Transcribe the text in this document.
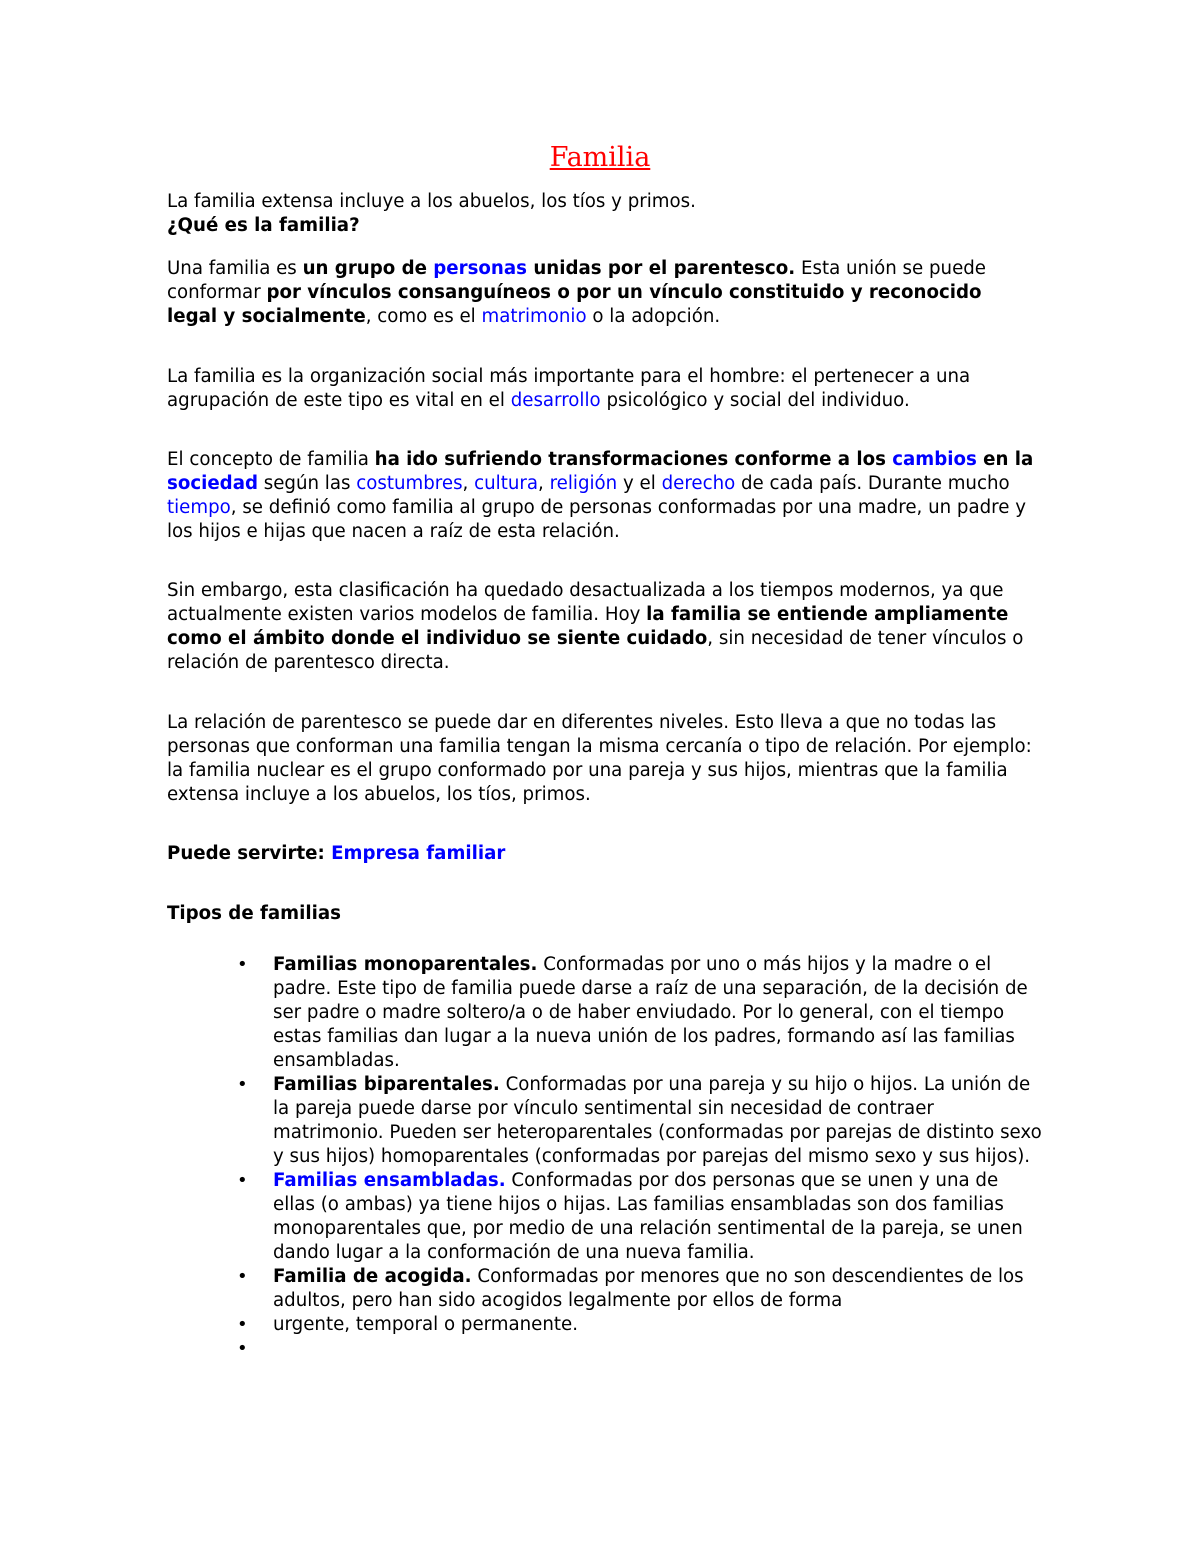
Familia

La familia extensa incluye a los abuelos, los tíos y primos.
¿Qué es la familia?

Una familia es un grupo de personas unidas por el parentesco. Esta unión se puede conformar por vínculos consanguíneos o por un vínculo constituido y reconocido legal y socialmente, como es el matrimonio o la adopción.

La familia es la organización social más importante para el hombre: el pertenecer a una agrupación de este tipo es vital en el desarrollo psicológico y social del individuo.

El concepto de familia ha ido sufriendo transformaciones conforme a los cambios en la sociedad según las costumbres, cultura, religión y el derecho de cada país. Durante mucho tiempo, se definió como familia al grupo de personas conformadas por una madre, un padre y los hijos e hijas que nacen a raíz de esta relación.

Sin embargo, esta clasificación ha quedado desactualizada a los tiempos modernos, ya que actualmente existen varios modelos de familia. Hoy la familia se entiende ampliamente como el ámbito donde el individuo se siente cuidado, sin necesidad de tener vínculos o relación de parentesco directa.

La relación de parentesco se puede dar en diferentes niveles. Esto lleva a que no todas las personas que conforman una familia tengan la misma cercanía o tipo de relación. Por ejemplo: la familia nuclear es el grupo conformado por una pareja y sus hijos, mientras que la familia extensa incluye a los abuelos, los tíos, primos.

Puede servirte: Empresa familiar

Tipos de familias

• Familias monoparentales. Conformadas por uno o más hijos y la madre o el padre. Este tipo de familia puede darse a raíz de una separación, de la decisión de ser padre o madre soltero/a o de haber enviudado. Por lo general, con el tiempo estas familias dan lugar a la nueva unión de los padres, formando así las familias ensambladas.
• Familias biparentales. Conformadas por una pareja y su hijo o hijos. La unión de la pareja puede darse por vínculo sentimental sin necesidad de contraer matrimonio. Pueden ser heteroparentales (conformadas por parejas de distinto sexo y sus hijos) homoparentales (conformadas por parejas del mismo sexo y sus hijos).
• Familias ensambladas. Conformadas por dos personas que se unen y una de ellas (o ambas) ya tiene hijos o hijas. Las familias ensambladas son dos familias monoparentales que, por medio de una relación sentimental de la pareja, se unen dando lugar a la conformación de una nueva familia.
• Familia de acogida. Conformadas por menores que no son descendientes de los adultos, pero han sido acogidos legalmente por ellos de forma
• urgente, temporal o permanente.
•
